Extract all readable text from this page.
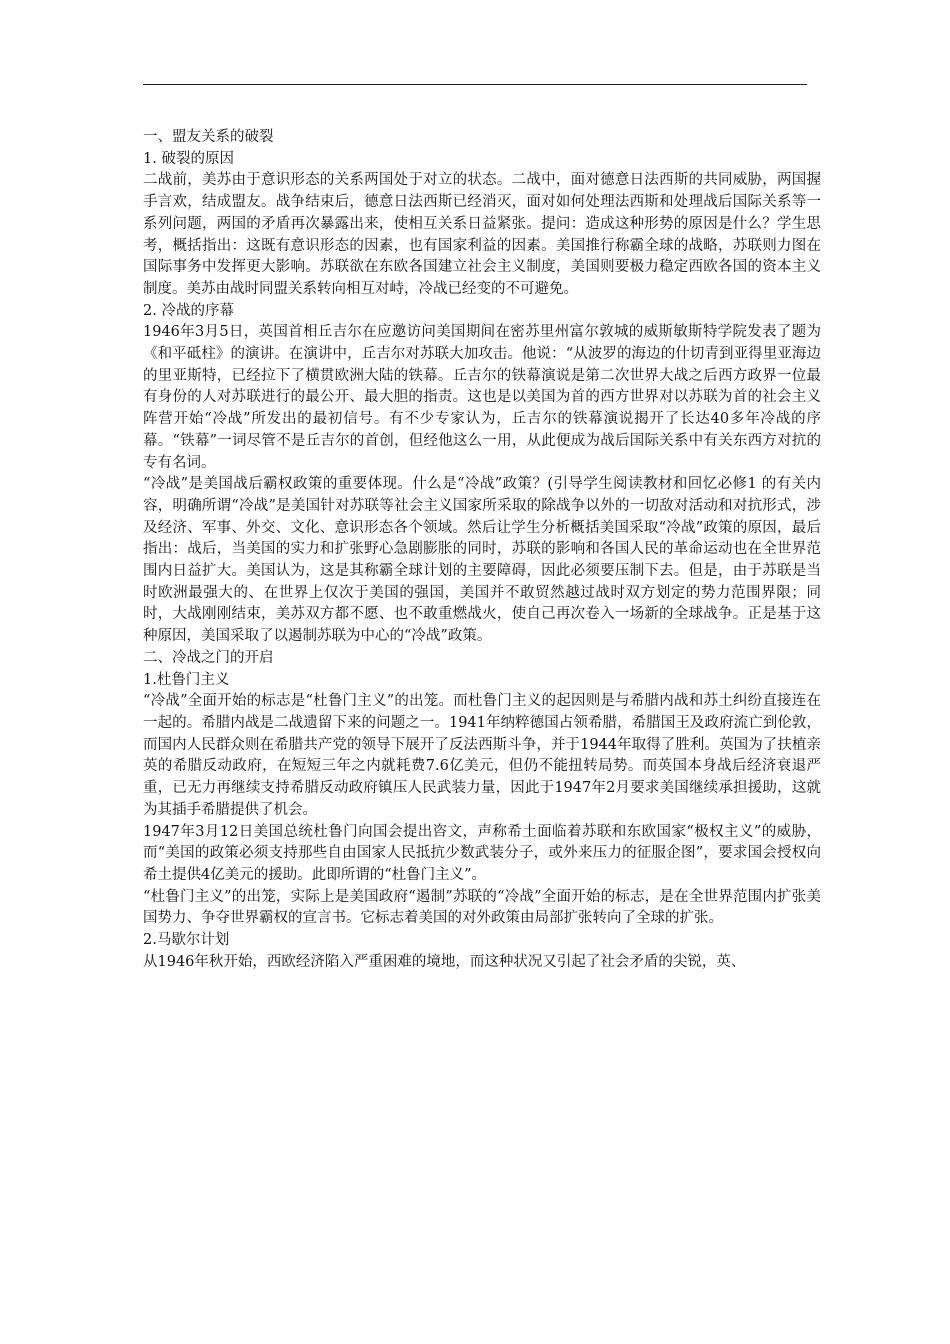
一、盟友关系的破裂

1. 破裂的原因

二战前，美苏由于意识形态的关系两国处于对立的状态。二战中，面对德意日法西斯的共同威胁，两国握手言欢，结成盟友。战争结束后，德意日法西斯已经消灭，面对如何处理法西斯和处理战后国际关系等一系列问题，两国的矛盾再次暴露出来，使相互关系日益紧张。提问：造成这种形势的原因是什么？学生思考，概括指出：这既有意识形态的因素，也有国家利益的因素。美国推行称霸全球的战略，苏联则力图在国际事务中发挥更大影响。苏联欲在东欧各国建立社会主义制度，美国则要极力稳定西欧各国的资本主义制度。美苏由战时同盟关系转向相互对峙，冷战已经变的不可避免。

2. 冷战的序幕

1946年3月5日，英国首相丘吉尔在应邀访问美国期间在密苏里州富尔敦城的威斯敏斯特学院发表了题为《和平砥柱》的演讲。在演讲中，丘吉尔对苏联大加攻击。他说：“从波罗的海边的什切青到亚得里亚海边的里亚斯特，已经拉下了横贯欧洲大陆的铁幕。丘吉尔的铁幕演说是第二次世界大战之后西方政界一位最有身份的人对苏联进行的最公开、最大胆的指责。这也是以美国为首的西方世界对以苏联为首的社会主义阵营开始“冷战”所发出的最初信号。有不少专家认为，丘吉尔的铁幕演说揭开了长达40多年冷战的序幕。“铁幕”一词尽管不是丘吉尔的首创，但经他这么一用，从此便成为战后国际关系中有关东西方对抗的专有名词。

“冷战”是美国战后霸权政策的重要体现。什么是“冷战”政策？(引导学生阅读教材和回忆必修1 的有关内容，明确所谓“冷战”是美国针对苏联等社会主义国家所采取的除战争以外的一切敌对活动和对抗形式，涉及经济、军事、外交、文化、意识形态各个领域。然后让学生分析概括美国采取“冷战”政策的原因，最后指出：战后，当美国的实力和扩张野心急剧膨胀的同时，苏联的影响和各国人民的革命运动也在全世界范围内日益扩大。美国认为，这是其称霸全球计划的主要障碍，因此必须要压制下去。但是，由于苏联是当时欧洲最强大的、在世界上仅次于美国的强国，美国并不敢贸然越过战时双方划定的势力范围界限；同时，大战刚刚结束，美苏双方都不愿、也不敢重燃战火，使自己再次卷入一场新的全球战争。正是基于这种原因，美国采取了以遏制苏联为中心的“冷战”政策。

二、冷战之门的开启

1.杜鲁门主义

“冷战”全面开始的标志是“杜鲁门主义”的出笼。而杜鲁门主义的起因则是与希腊内战和苏土纠纷直接连在一起的。希腊内战是二战遗留下来的问题之一。1941年纳粹德国占领希腊，希腊国王及政府流亡到伦敦，而国内人民群众则在希腊共产党的领导下展开了反法西斯斗争，并于1944年取得了胜利。英国为了扶植亲英的希腊反动政府，在短短三年之内就耗费7.6亿美元，但仍不能扭转局势。而英国本身战后经济衰退严重，已无力再继续支持希腊反动政府镇压人民武装力量，因此于1947年2月要求美国继续承担援助，这就为其插手希腊提供了机会。

1947年3月12日美国总统杜鲁门向国会提出咨文，声称希土面临着苏联和东欧国家“极权主义”的威胁，而“美国的政策必须支持那些自由国家人民抵抗少数武装分子，或外来压力的征服企图”，要求国会授权向希土提供4亿美元的援助。此即所谓的“杜鲁门主义”。

“杜鲁门主义”的出笼，实际上是美国政府“遏制”苏联的“冷战”全面开始的标志，是在全世界范围内扩张美国势力、争夺世界霸权的宣言书。它标志着美国的对外政策由局部扩张转向了全球的扩张。

2.马歇尔计划

从1946年秋开始，西欧经济陷入严重困难的境地，而这种状况又引起了社会矛盾的尖锐，英、
